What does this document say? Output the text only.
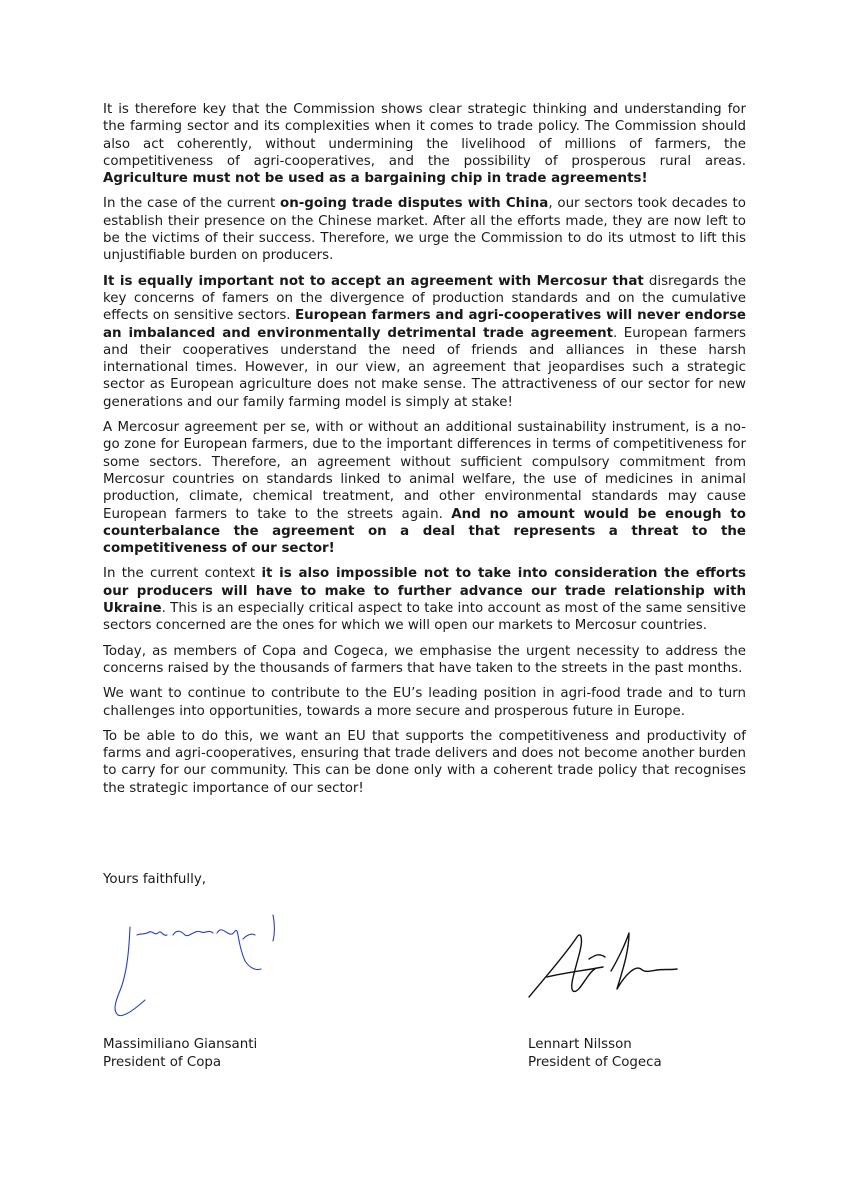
It is therefore key that the Commission shows clear strategic thinking and understanding for the farming sector and its complexities when it comes to trade policy. The Commission should also act coherently, without undermining the livelihood of millions of farmers, the competitiveness of agri-cooperatives, and the possibility of prosperous rural areas. Agriculture must not be used as a bargaining chip in trade agreements!

In the case of the current on-going trade disputes with China, our sectors took decades to establish their presence on the Chinese market. After all the efforts made, they are now left to be the victims of their success. Therefore, we urge the Commission to do its utmost to lift this unjustifiable burden on producers.

It is equally important not to accept an agreement with Mercosur that disregards the key concerns of famers on the divergence of production standards and on the cumulative effects on sensitive sectors. European farmers and agri-cooperatives will never endorse an imbalanced and environmentally detrimental trade agreement. European farmers and their cooperatives understand the need of friends and alliances in these harsh international times. However, in our view, an agreement that jeopardises such a strategic sector as European agriculture does not make sense. The attractiveness of our sector for new generations and our family farming model is simply at stake!

A Mercosur agreement per se, with or without an additional sustainability instrument, is a no-go zone for European farmers, due to the important differences in terms of competitiveness for some sectors. Therefore, an agreement without sufficient compulsory commitment from Mercosur countries on standards linked to animal welfare, the use of medicines in animal production, climate, chemical treatment, and other environmental standards may cause European farmers to take to the streets again. And no amount would be enough to counterbalance the agreement on a deal that represents a threat to the competitiveness of our sector!

In the current context it is also impossible not to take into consideration the efforts our producers will have to make to further advance our trade relationship with Ukraine. This is an especially critical aspect to take into account as most of the same sensitive sectors concerned are the ones for which we will open our markets to Mercosur countries.

Today, as members of Copa and Cogeca, we emphasise the urgent necessity to address the concerns raised by the thousands of farmers that have taken to the streets in the past months.

We want to continue to contribute to the EU’s leading position in agri-food trade and to turn challenges into opportunities, towards a more secure and prosperous future in Europe.

To be able to do this, we want an EU that supports the competitiveness and productivity of farms and agri-cooperatives, ensuring that trade delivers and does not become another burden to carry for our community. This can be done only with a coherent trade policy that recognises the strategic importance of our sector!

Yours faithfully,
Massimiliano Giansanti
President of Copa
Lennart Nilsson
President of Cogeca
